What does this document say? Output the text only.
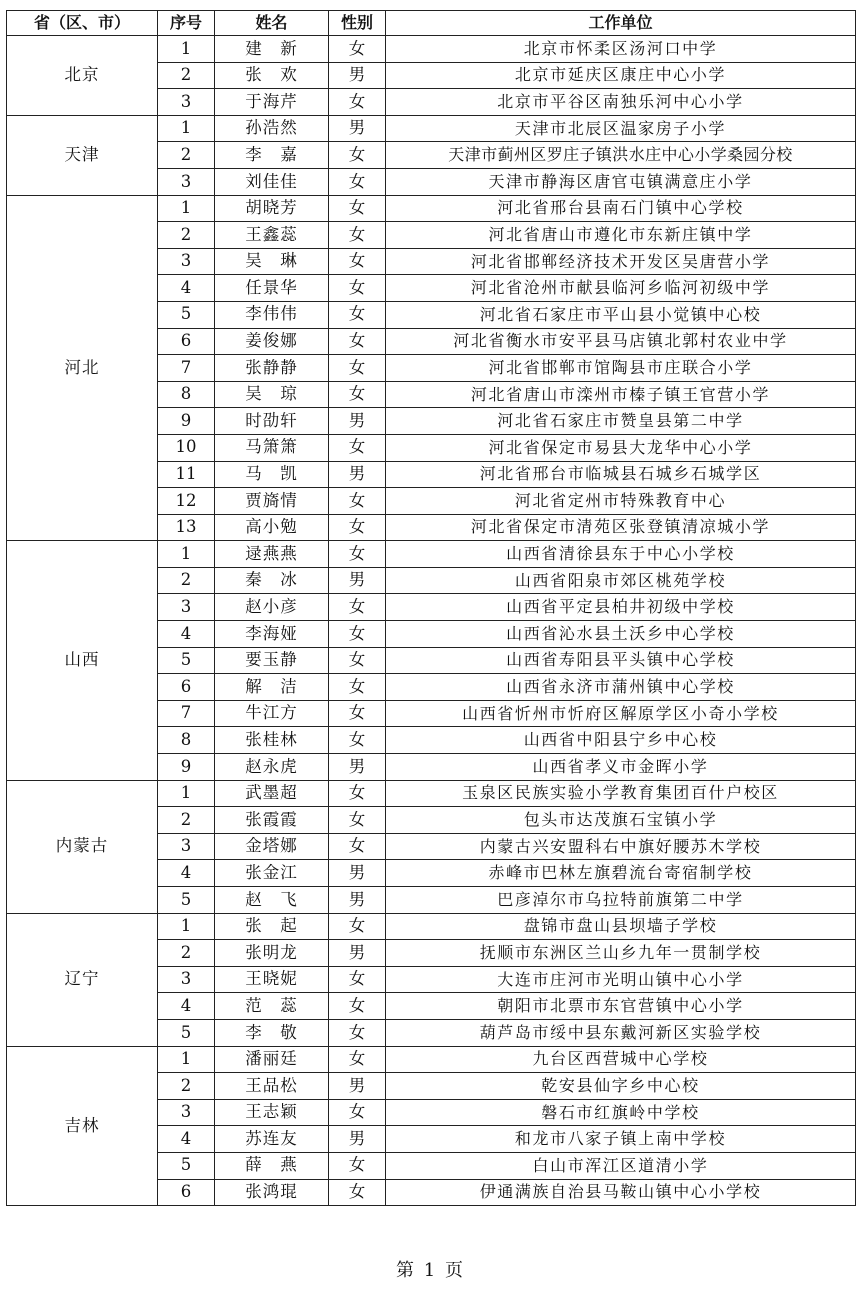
省（区、市）	序号	姓名	性别	工作单位
北京	1	建　新	女	北京市怀柔区汤河口中学
	2	张　欢	男	北京市延庆区康庄中心小学
	3	于海芹	女	北京市平谷区南独乐河中心小学
天津	1	孙浩然	男	天津市北辰区温家房子小学
	2	李　嘉	女	天津市蓟州区罗庄子镇洪水庄中心小学桑园分校
	3	刘佳佳	女	天津市静海区唐官屯镇满意庄小学
河北	1	胡晓芳	女	河北省邢台县南石门镇中心学校
	2	王鑫蕊	女	河北省唐山市遵化市东新庄镇中学
	3	吴　琳	女	河北省邯郸经济技术开发区吴唐营小学
	4	任景华	女	河北省沧州市献县临河乡临河初级中学
	5	李伟伟	女	河北省石家庄市平山县小觉镇中心校
	6	姜俊娜	女	河北省衡水市安平县马店镇北郭村农业中学
	7	张静静	女	河北省邯郸市馆陶县市庄联合小学
	8	吴　琼	女	河北省唐山市滦州市榛子镇王官营小学
	9	时劭轩	男	河北省石家庄市赞皇县第二中学
	10	马箫箫	女	河北省保定市易县大龙华中心小学
	11	马　凯	男	河北省邢台市临城县石城乡石城学区
	12	贾旖情	女	河北省定州市特殊教育中心
	13	高小勉	女	河北省保定市清苑区张登镇清凉城小学
山西	1	逯燕燕	女	山西省清徐县东于中心小学校
	2	秦　冰	男	山西省阳泉市郊区桃苑学校
	3	赵小彦	女	山西省平定县柏井初级中学校
	4	李海娅	女	山西省沁水县土沃乡中心学校
	5	要玉静	女	山西省寿阳县平头镇中心学校
	6	解　洁	女	山西省永济市蒲州镇中心学校
	7	牛江方	女	山西省忻州市忻府区解原学区小奇小学校
	8	张桂林	女	山西省中阳县宁乡中心校
	9	赵永虎	男	山西省孝义市金晖小学
内蒙古	1	武墨超	女	玉泉区民族实验小学教育集团百什户校区
	2	张霞霞	女	包头市达茂旗石宝镇小学
	3	金塔娜	女	内蒙古兴安盟科右中旗好腰苏木学校
	4	张金江	男	赤峰市巴林左旗碧流台寄宿制学校
	5	赵　飞	男	巴彦淖尔市乌拉特前旗第二中学
辽宁	1	张　起	女	盘锦市盘山县坝墙子学校
	2	张明龙	男	抚顺市东洲区兰山乡九年一贯制学校
	3	王晓妮	女	大连市庄河市光明山镇中心小学
	4	范　蕊	女	朝阳市北票市东官营镇中心小学
	5	李　敬	女	葫芦岛市绥中县东戴河新区实验学校
吉林	1	潘丽廷	女	九台区西营城中心学校
	2	王品松	男	乾安县仙字乡中心校
	3	王志颖	女	磐石市红旗岭中学校
	4	苏连友	男	和龙市八家子镇上南中学校
	5	薛　燕	女	白山市浑江区道清小学
	6	张鸿琨	女	伊通满族自治县马鞍山镇中心小学校
第 1 页
